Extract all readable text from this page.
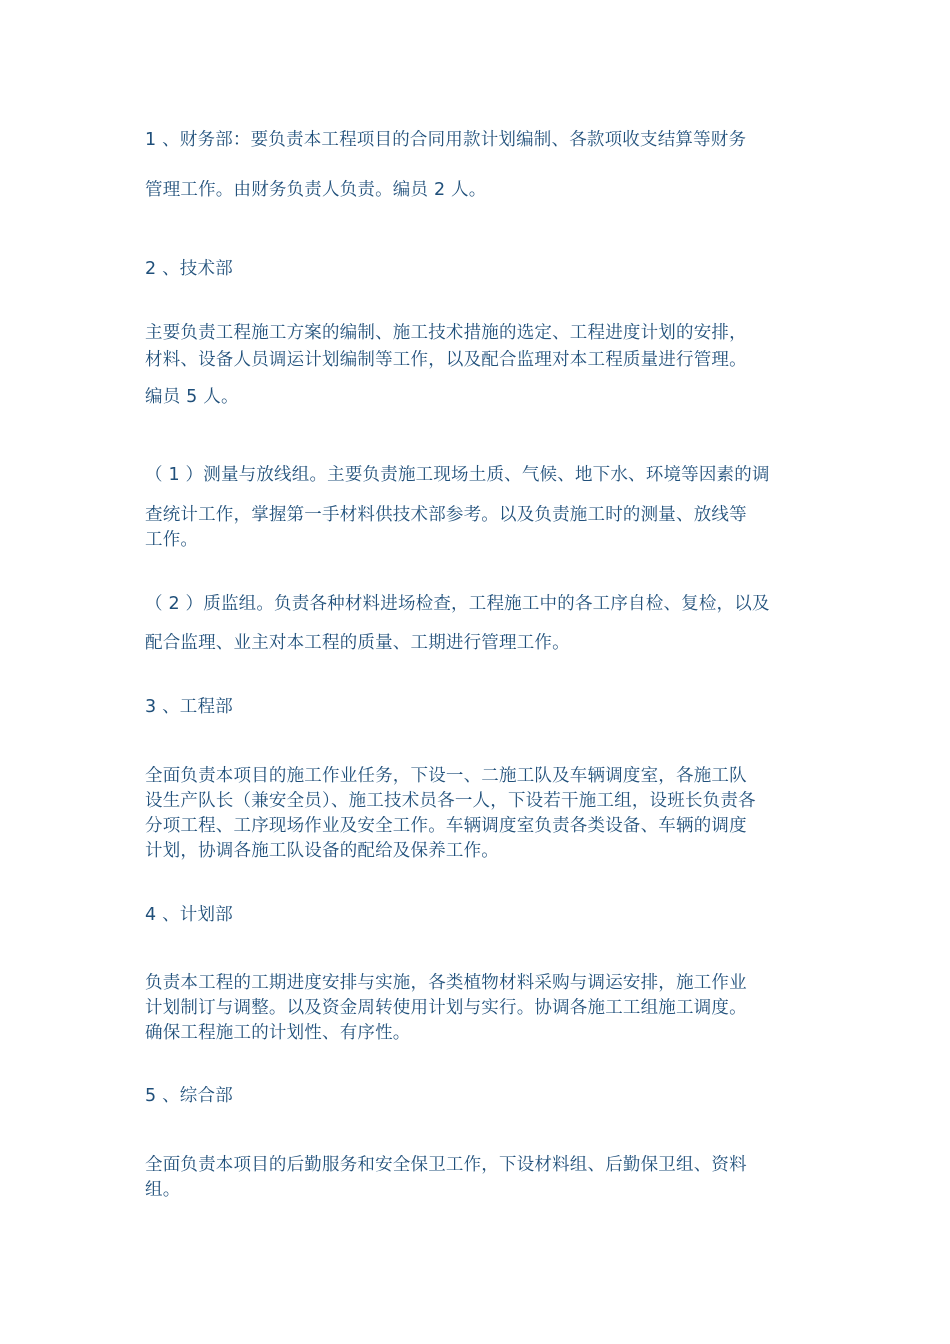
1 、财务部：要负责本工程项目的合同用款计划编制、各款项收支结算等财务
管理工作。由财务负责人负责。编员 2 人。
2 、技术部
主要负责工程施工方案的编制、施工技术措施的选定、工程进度计划的安排，
材料、设备人员调运计划编制等工作，以及配合监理对本工程质量进行管理。
编员 5 人。
（ 1 ）测量与放线组。主要负责施工现场土质、气候、地下水、环境等因素的调
查统计工作，掌握第一手材料供技术部参考。以及负责施工时的测量、放线等
工作。
（ 2 ）质监组。负责各种材料进场检查，工程施工中的各工序自检、复检，以及
配合监理、业主对本工程的质量、工期进行管理工作。
3 、工程部
全面负责本项目的施工作业任务，下设一、二施工队及车辆调度室，各施工队
设生产队长（兼安全员）、施工技术员各一人，下设若干施工组，设班长负责各
分项工程、工序现场作业及安全工作。车辆调度室负责各类设备、车辆的调度
计划，协调各施工队设备的配给及保养工作。
4 、计划部
负责本工程的工期进度安排与实施，各类植物材料采购与调运安排，施工作业
计划制订与调整。以及资金周转使用计划与实行。协调各施工工组施工调度。
确保工程施工的计划性、有序性。
5 、综合部
全面负责本项目的后勤服务和安全保卫工作，下设材料组、后勤保卫组、资料
组。
